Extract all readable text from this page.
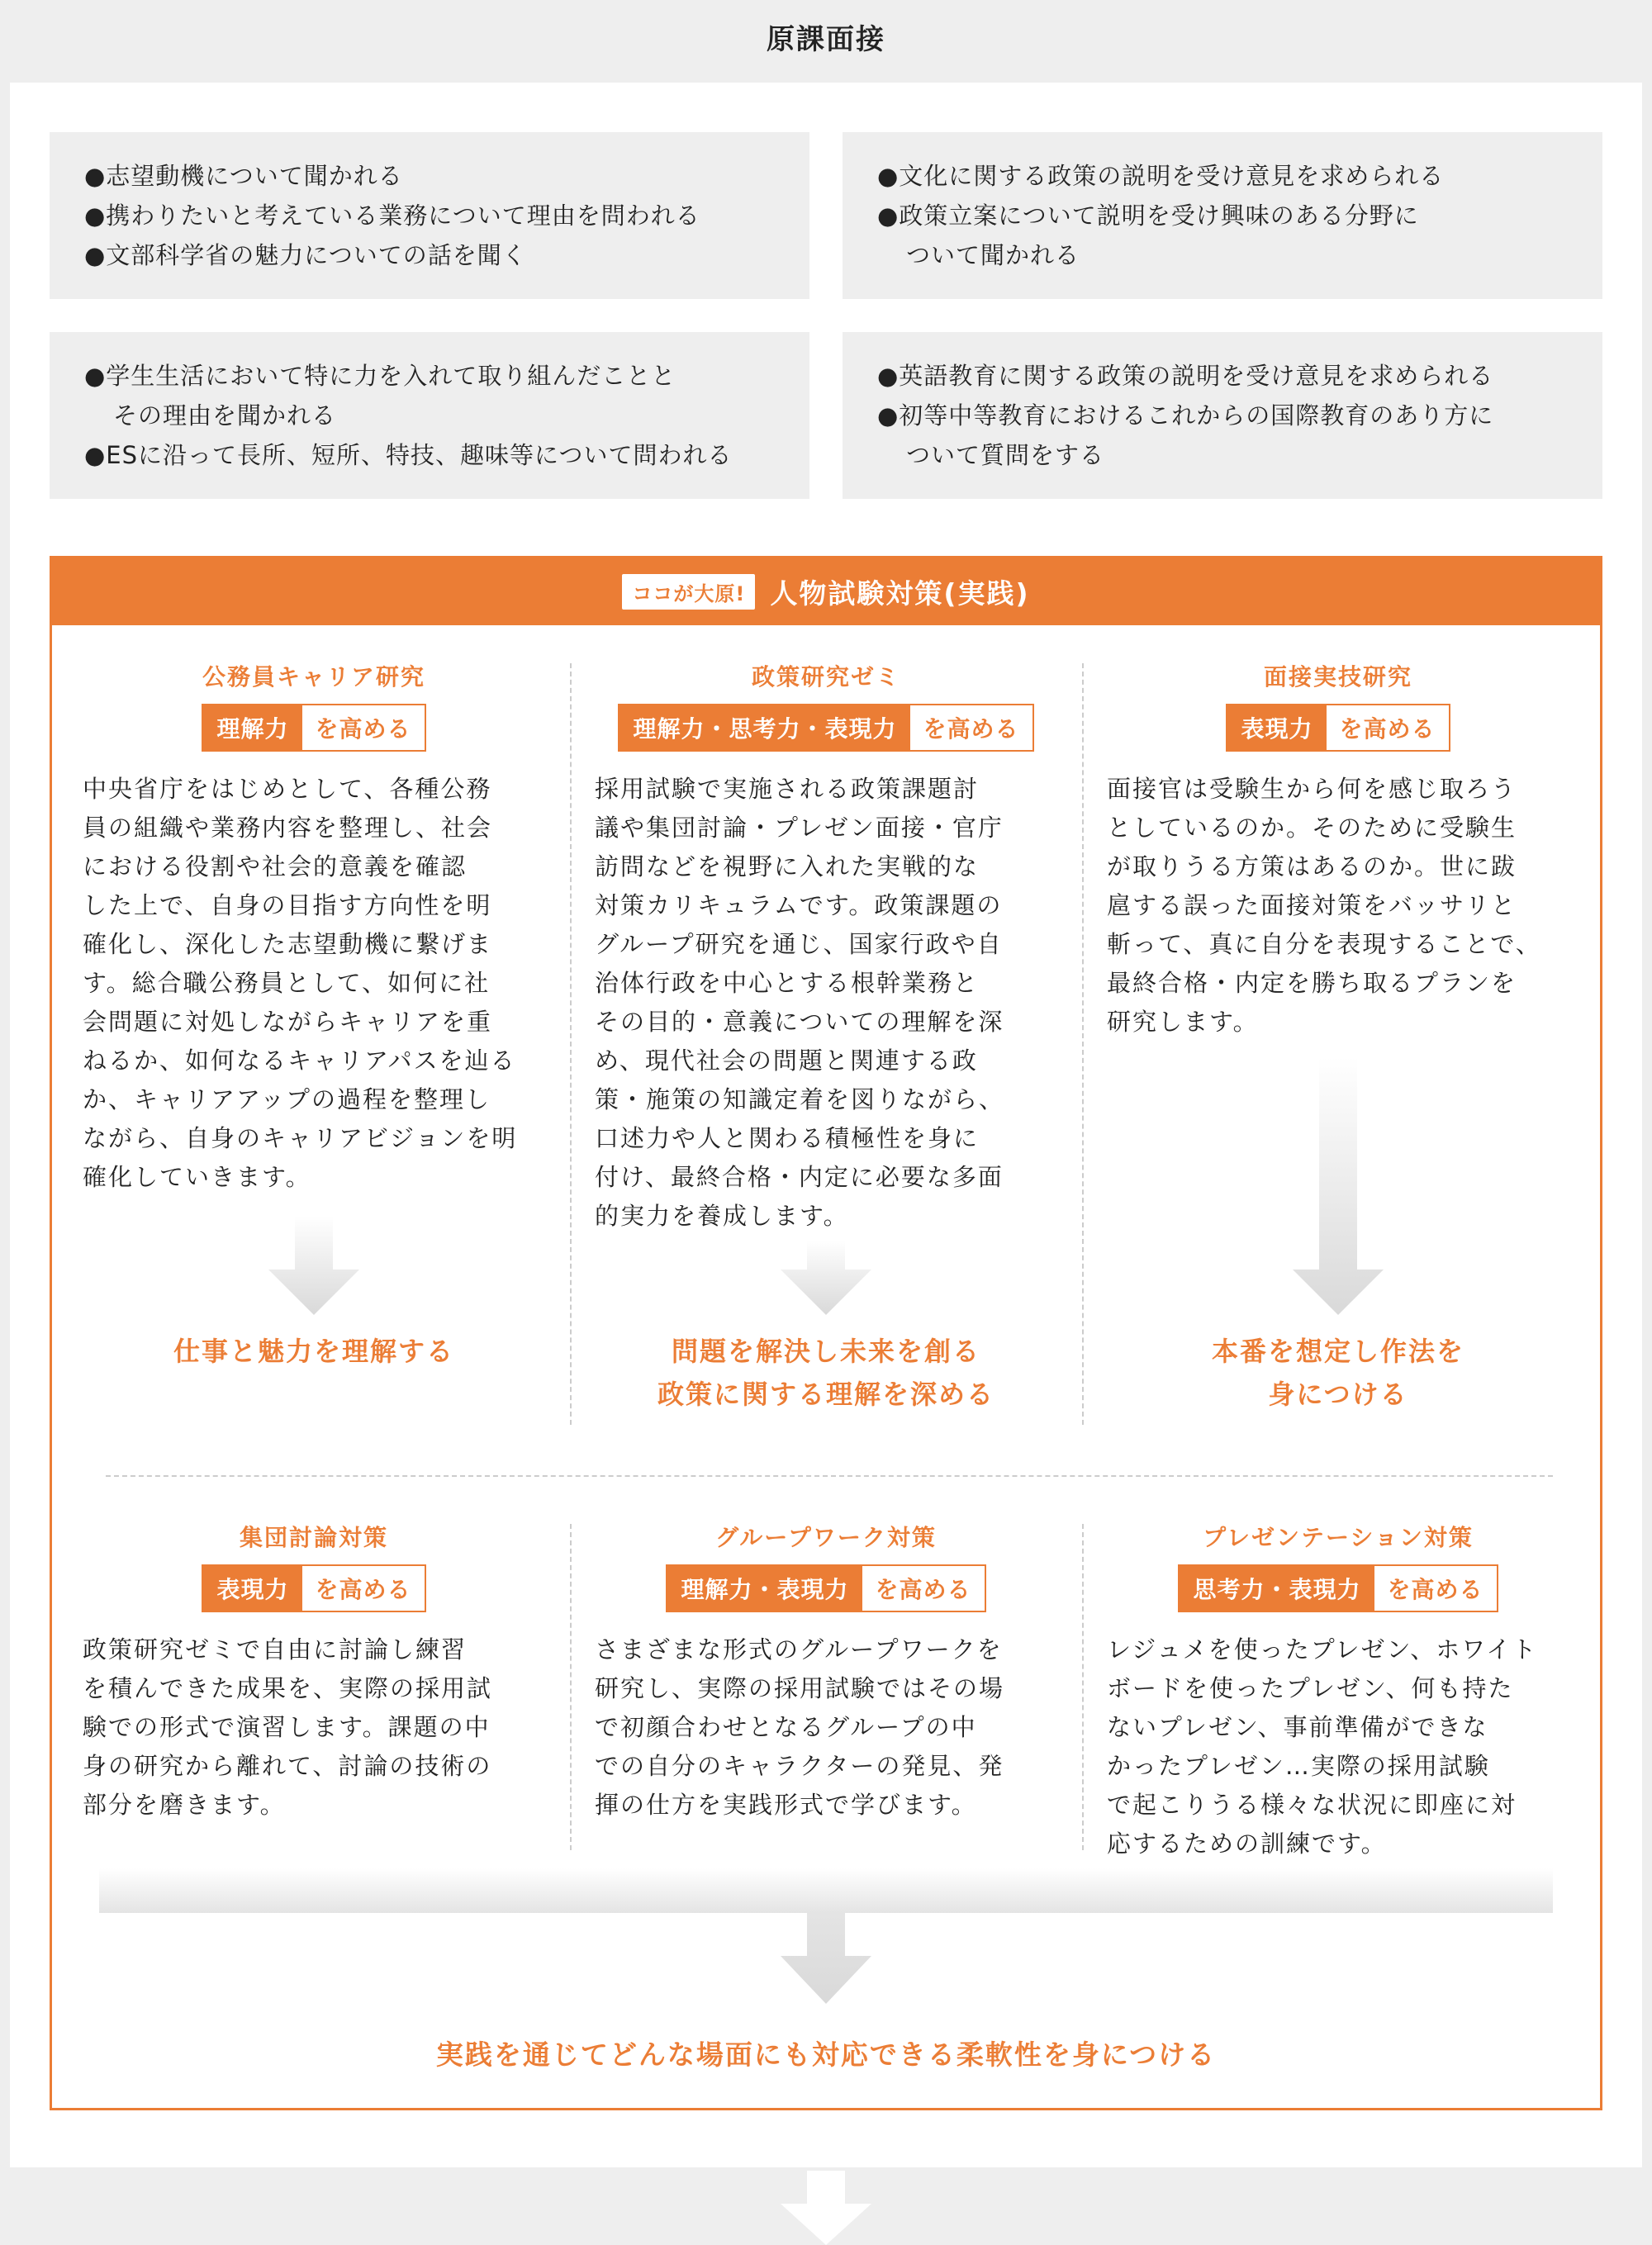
原課面接
●志望動機について聞かれる
●携わりたいと考えている業務について理由を問われる
●文部科学省の魅力についての話を聞く
●文化に関する政策の説明を受け意見を求められる
●政策立案について説明を受け興味のある分野に
ついて聞かれる
●学生生活において特に力を入れて取り組んだことと
その理由を聞かれる
●ESに沿って長所、短所、特技、趣味等について問われる
●英語教育に関する政策の説明を受け意見を求められる
●初等中等教育におけるこれからの国際教育のあり方に
ついて質問をする
ココが大原! 人物試験対策(実践)
公務員キャリア研究
理解力	を高める
中央省庁をはじめとして、各種公務
員の組織や業務内容を整理し、社会
における役割や社会的意義を確認
した上で、自身の目指す方向性を明
確化し、深化した志望動機に繋げま
す。総合職公務員として、如何に社
会問題に対処しながらキャリアを重
ねるか、如何なるキャリアパスを辿る
か、キャリアアップの過程を整理し
ながら、自身のキャリアビジョンを明
確化していきます。
政策研究ゼミ
理解力・思考力・表現力	を高める
採用試験で実施される政策課題討
議や集団討論・プレゼン面接・官庁
訪問などを視野に入れた実戦的な
対策カリキュラムです。政策課題の
グループ研究を通じ、国家行政や自
治体行政を中心とする根幹業務と
その目的・意義についての理解を深
め、現代社会の問題と関連する政
策・施策の知識定着を図りながら、
口述力や人と関わる積極性を身に
付け、最終合格・内定に必要な多面
的実力を養成します。
面接実技研究
表現力	を高める
面接官は受験生から何を感じ取ろう
としているのか。そのために受験生
が取りうる方策はあるのか。世に跋
扈する誤った面接対策をバッサリと
斬って、真に自分を表現することで、
最終合格・内定を勝ち取るプランを
研究します。
仕事と魅力を理解する	問題を解決し未来を創る
政策に関する理解を深める
本番を想定し作法を
身につける
集団討論対策
表現力	を高める
政策研究ゼミで自由に討論し練習
を積んできた成果を、実際の採用試
験での形式で演習します。課題の中
身の研究から離れて、討論の技術の
部分を磨きます。
グループワーク対策
理解力・表現力	を高める
さまざまな形式のグループワークを
研究し、実際の採用試験ではその場
で初顔合わせとなるグループの中
での自分のキャラクターの発見、発
揮の仕方を実践形式で学びます。
プレゼンテーション対策
思考力・表現力	を高める
レジュメを使ったプレゼン、ホワイト
ボードを使ったプレゼン、何も持た
ないプレゼン、事前準備ができな
かったプレゼン…実際の採用試験
で起こりうる様々な状況に即座に対
応するための訓練です。
実践を通じてどんな場面にも対応できる柔軟性を身につける
